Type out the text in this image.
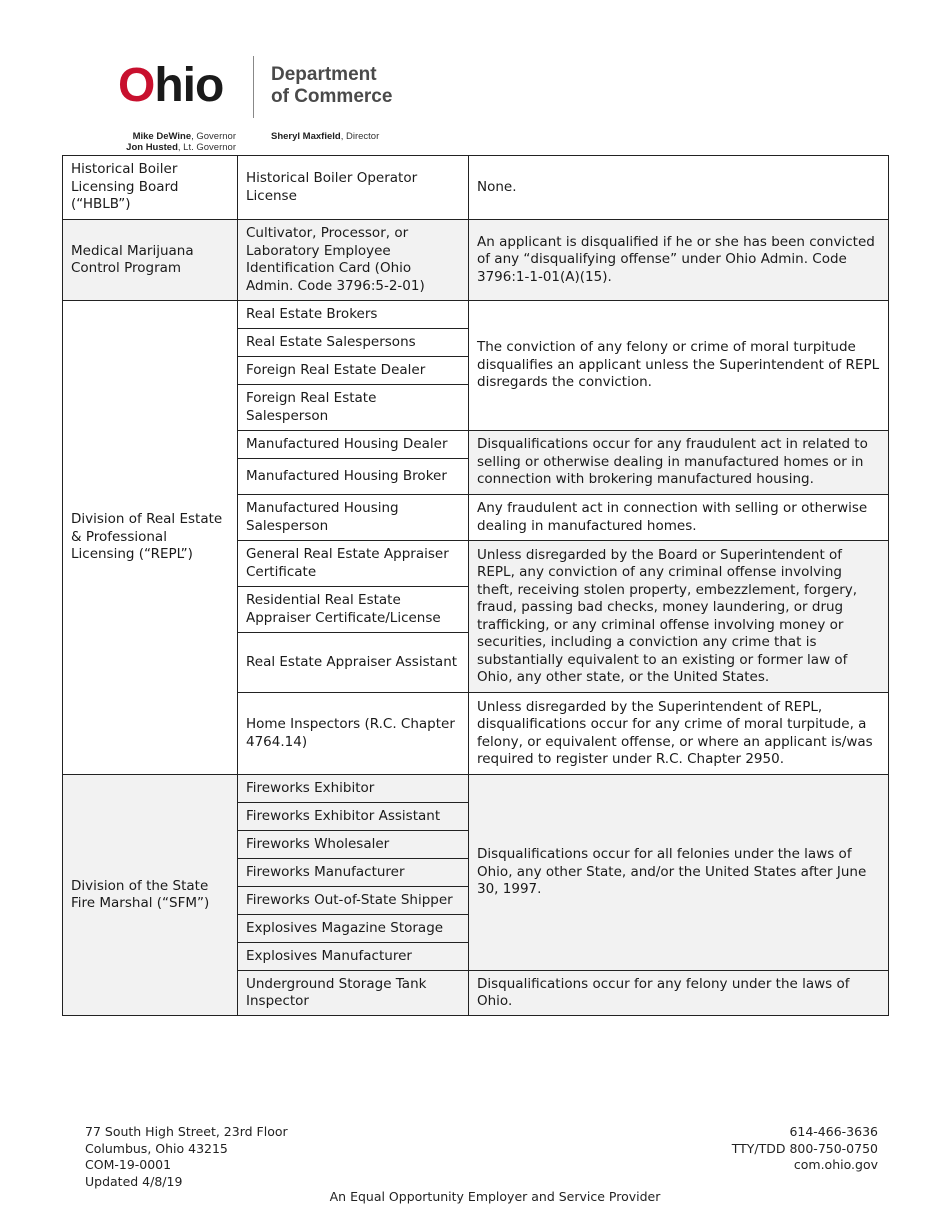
Ohio	Department
of Commerce
Mike DeWine, Governor
Jon Husted, Lt. Governor
Sheryl Maxfield, Director
Historical Boiler Licensing Board (“HBLB”)	Historical Boiler Operator License	None.
Medical Marijuana Control Program	Cultivator, Processor, or Laboratory Employee Identification Card (Ohio Admin. Code 3796:5-2-01)	An applicant is disqualified if he or she has been convicted of any “disqualifying offense” under Ohio Admin. Code 3796:1-1-01(A)(15).
Division of Real Estate & Professional Licensing (“REPL”)	Real Estate Brokers	The conviction of any felony or crime of moral turpitude disqualifies an applicant unless the Superintendent of REPL disregards the conviction.
	Real Estate Salespersons	
	Foreign Real Estate Dealer	
	Foreign Real Estate Salesperson	
	Manufactured Housing Dealer	Disqualifications occur for any fraudulent act in related to selling or otherwise dealing in manufactured homes or in connection with brokering manufactured housing.
	Manufactured Housing Broker	
	Manufactured Housing Salesperson	Any fraudulent act in connection with selling or otherwise dealing in manufactured homes.
	General Real Estate Appraiser Certificate	Unless disregarded by the Board or Superintendent of REPL, any conviction of any criminal offense involving theft, receiving stolen property, embezzlement, forgery, fraud, passing bad checks, money laundering, or drug trafficking, or any criminal offense involving money or securities, including a conviction any crime that is substantially equivalent to an existing or former law of Ohio, any other state, or the United States.
	Residential Real Estate Appraiser Certificate/License	
	Real Estate Appraiser Assistant	
	Home Inspectors (R.C. Chapter 4764.14)	Unless disregarded by the Superintendent of REPL, disqualifications occur for any crime of moral turpitude, a felony, or equivalent offense, or where an applicant is/was required to register under R.C. Chapter 2950.
Division of the State Fire Marshal (“SFM”)	Fireworks Exhibitor	Disqualifications occur for all felonies under the laws of Ohio, any other State, and/or the United States after June 30, 1997.
	Fireworks Exhibitor Assistant	
	Fireworks Wholesaler	
	Fireworks Manufacturer	
	Fireworks Out-of-State Shipper	
	Explosives Magazine Storage	
	Explosives Manufacturer	
	Underground Storage Tank Inspector	Disqualifications occur for any felony under the laws of Ohio.
77 South High Street, 23rd Floor
Columbus, Ohio 43215
COM-19-0001
Updated 4/8/19
614-466-3636
TTY/TDD 800-750-0750
com.ohio.gov
An Equal Opportunity Employer and Service Provider
